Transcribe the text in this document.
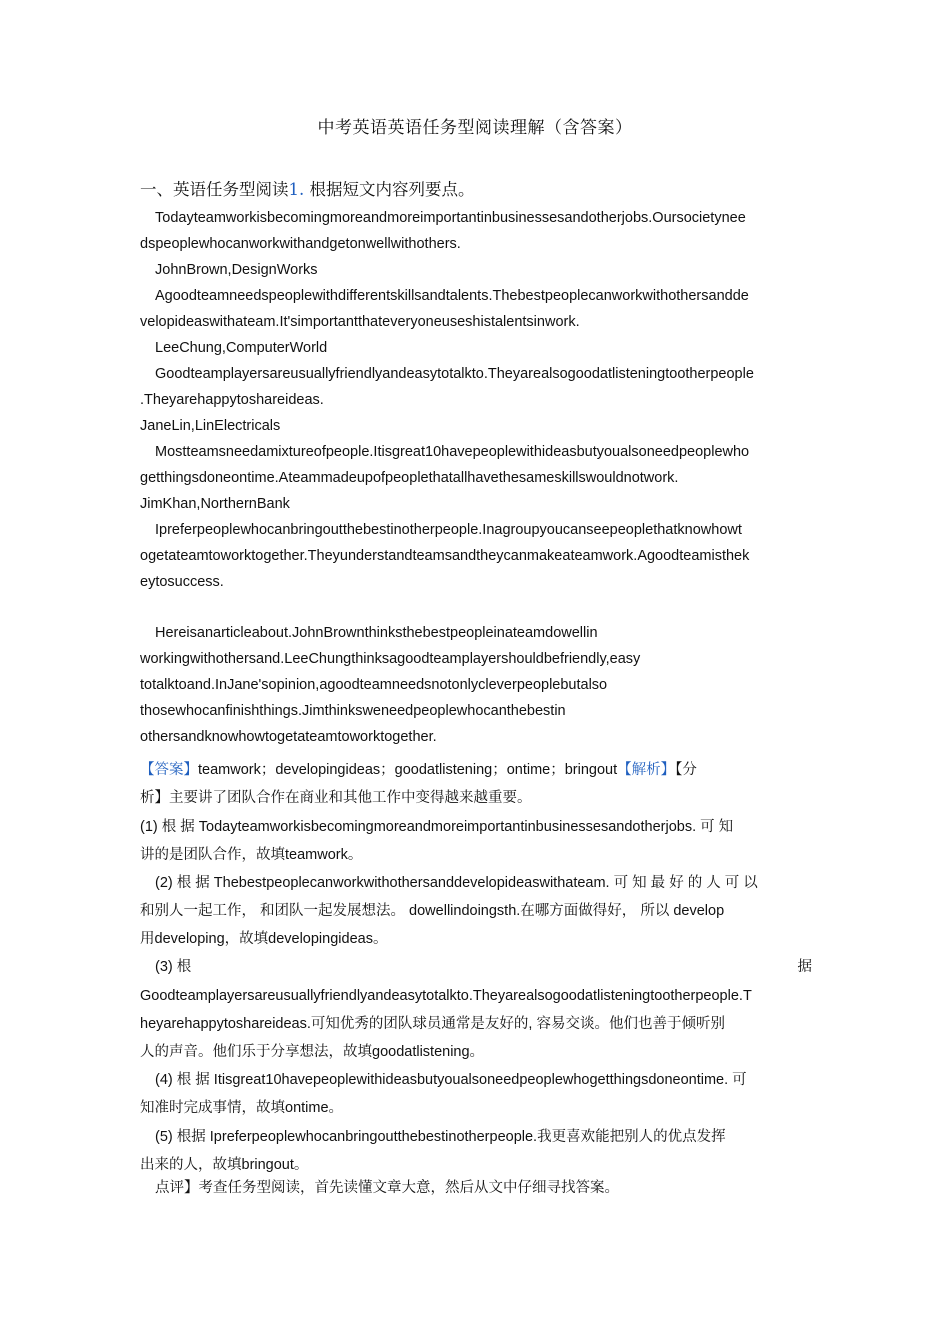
中考英语英语任务型阅读理解（含答案）
一、英语任务型阅读1. 根据短文内容列要点。
Todayteamworkisbecomingmoreandmoreimportantinbusinessesandotherjobs.Oursocietynee
dspeoplewhocanworkwithandgetonwellwithothers.
JohnBrown,DesignWorks
Agoodteamneedspeoplewithdifferentskillsandtalents.Thebestpeoplecanworkwithothersandde
velopideaswithateam.It'simportantthateveryoneuseshistalentsinwork.
LeeChung,ComputerWorld
Goodteamplayersareusuallyfriendlyandeasytotalkto.Theyarealsogoodatlisteningtootherpeople
.Theyarehappytoshareideas.
JaneLin,LinElectricals
Mostteamsneedamixtureofpeople.Itisgreat10havepeoplewithideasbutyoualsoneedpeoplewho
getthingsdoneontime.Ateammadeupofpeoplethatallhavethesameskillswouldnotwork.
JimKhan,NorthernBank
Ipreferpeoplewhocanbringoutthebestinotherpeople.Inagroupyoucanseepeoplethatknowhowt
ogetateamtoworktogether.Theyunderstandteamsandtheycanmakeateamwork.Agoodteamisthek
eytosuccess.
Hereisanarticleabout.JohnBrownthinksthebestpeopleinateamdowellin
workingwithothersand.LeeChungthinksagoodteamplayershouldbefriendly,easy
totalktoand.InJane'sopinion,agoodteamneedsnotonlycleverpeoplebutalso
thosewhocanfinishthings.Jimthinksweneedpeoplewhocanthebestin
othersandknowhowtogetateamtoworktogether.
【答案】teamwork；developingideas；goodatlistening；ontime；bringout【解析】【分
析】主要讲了团队合作在商业和其他工作中变得越来越重要。
(1) 根 据 Todayteamworkisbecomingmoreandmoreimportantinbusinessesandotherjobs. 可 知
讲的是团队合作，故填teamwork。
(2) 根 据 Thebestpeoplecanworkwithothersanddevelopideaswithateam. 可 知 最 好 的 人 可 以
和别人一起工作， 和团队一起发展想法。 dowellindoingsth.在哪方面做得好， 所以 develop
用developing，故填developingideas。
(3) 根	据
Goodteamplayersareusuallyfriendlyandeasytotalkto.Theyarealsogoodatlisteningtootherpeople.T
heyarehappytoshareideas.可知优秀的团队球员通常是友好的, 容易交谈。他们也善于倾听别
人的声音。他们乐于分享想法，故填goodatlistening。
(4) 根 据 Itisgreat10havepeoplewithideasbutyoualsoneedpeoplewhogetthingsdoneontime. 可
知准时完成事情，故填ontime。
(5) 根据 Ipreferpeoplewhocanbringoutthebestinotherpeople.我更喜欢能把别人的优点发挥
出来的人，故填bringout。
点评】考查任务型阅读，首先读懂文章大意，然后从文中仔细寻找答案。
